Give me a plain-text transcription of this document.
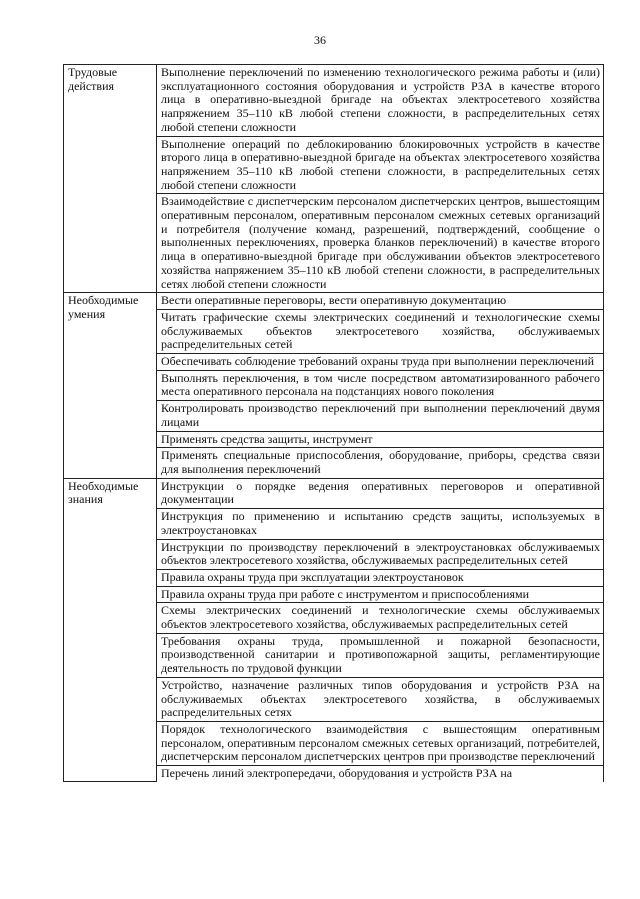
36
Трудовые действия	Выполнение переключений по изменению технологического режима работы и (или) эксплуатационного состояния оборудования и устройств РЗА в качестве второго лица в оперативно-выездной бригаде на объектах электросетевого хозяйства напряжением 35–110 кВ любой степени сложности, в распределительных сетях любой степени сложности
	Выполнение операций по деблокированию блокировочных устройств в качестве второго лица в оперативно-выездной бригаде на объектах электросетевого хозяйства напряжением 35–110 кВ любой степени сложности, в распределительных сетях любой степени сложности
	Взаимодействие с диспетчерским персоналом диспетчерских центров, вышестоящим оперативным персоналом, оперативным персоналом смежных сетевых организаций и потребителя (получение команд, разрешений, подтверждений, сообщение о выполненных переключениях, проверка бланков переключений) в качестве второго лица в оперативно-выездной бригаде при обслуживании объектов электросетевого хозяйства напряжением 35–110 кВ любой степени сложности, в распределительных сетях любой степени сложности
Необходимые умения	Вести оперативные переговоры, вести оперативную документацию
	Читать графические схемы электрических соединений и технологические схемы обслуживаемых объектов электросетевого хозяйства, обслуживаемых распределительных сетей
	Обеспечивать соблюдение требований охраны труда при выполнении переключений
	Выполнять переключения, в том числе посредством автоматизированного рабочего места оперативного персонала на подстанциях нового поколения
	Контролировать производство переключений при выполнении переключений двумя лицами
	Применять средства защиты, инструмент
	Применять специальные приспособления, оборудование, приборы, средства связи для выполнения переключений
Необходимые знания	Инструкции о порядке ведения оперативных переговоров и оперативной документации
	Инструкция по применению и испытанию средств защиты, используемых в электроустановках
	Инструкции по производству переключений в электроустановках обслуживаемых объектов электросетевого хозяйства, обслуживаемых распределительных сетей
	Правила охраны труда при эксплуатации электроустановок
	Правила охраны труда при работе с инструментом и приспособлениями
	Схемы электрических соединений и технологические схемы обслуживаемых объектов электросетевого хозяйства, обслуживаемых распределительных сетей
	Требования охраны труда, промышленной и пожарной безопасности, производственной санитарии и противопожарной защиты, регламентирующие деятельность по трудовой функции
	Устройство, назначение различных типов оборудования и устройств РЗА на обслуживаемых объектах электросетевого хозяйства, в обслуживаемых распределительных сетях
	Порядок технологического взаимодействия с вышестоящим оперативным персоналом, оперативным персоналом смежных сетевых организаций, потребителей, диспетчерским персоналом диспетчерских центров при производстве переключений
	Перечень линий электропередачи, оборудования и устройств РЗА на
